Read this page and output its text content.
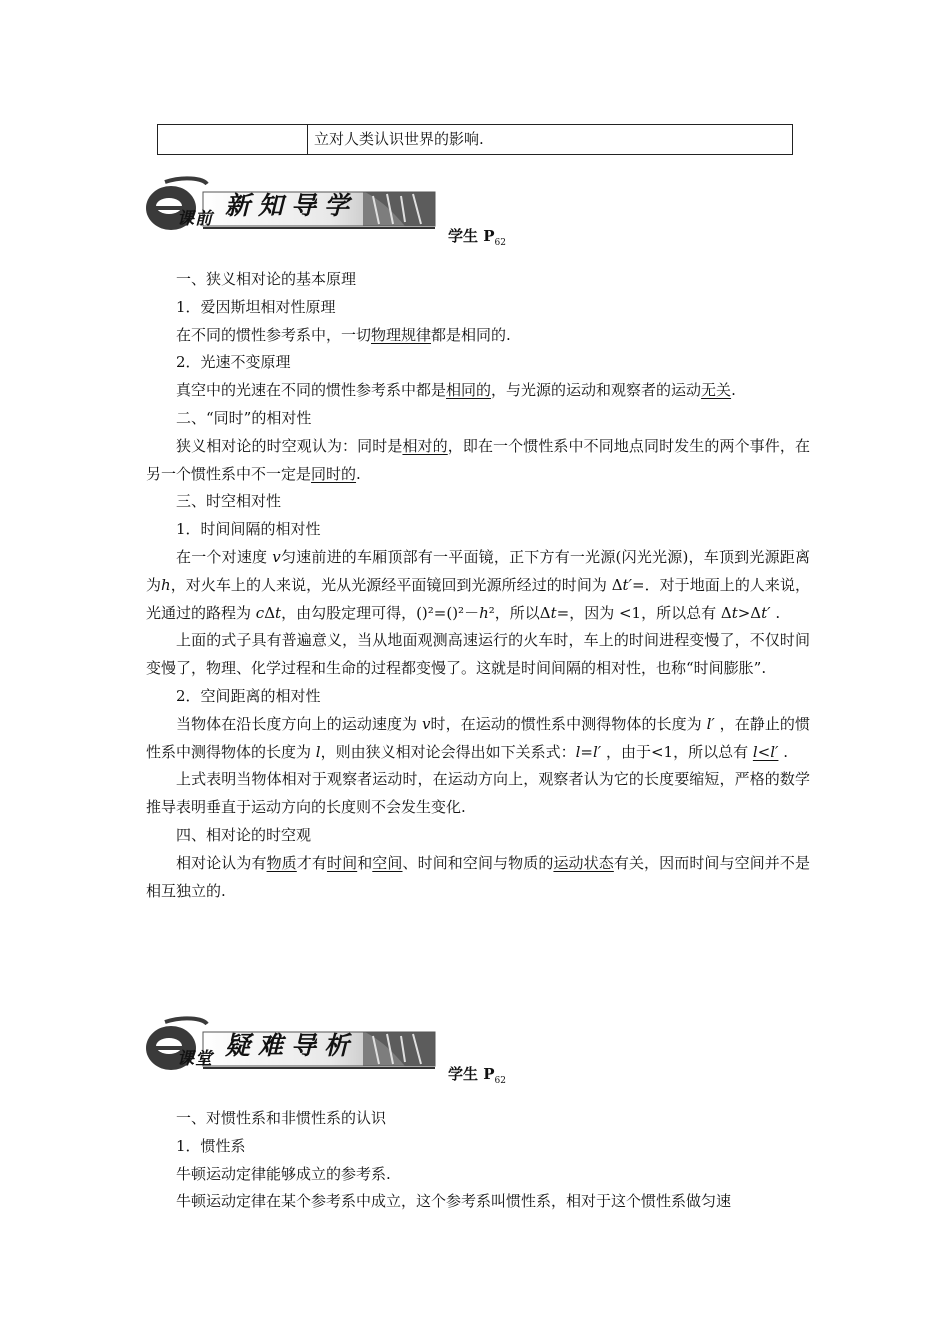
立对人类认识世界的影响.
课前 新知导学
学生 $P_{62}$

一、狭义相对论的基本原理

1．爱因斯坦相对性原理

在不同的惯性参考系中，一切物理规律都是相同的.

2．光速不变原理

真空中的光速在不同的惯性参考系中都是相同的，与光源的运动和观察者的运动无关.

二、“同时”的相对性

狭义相对论的时空观认为：同时是相对的，即在一个惯性系中不同地点同时发生的两个事件，在另一个惯性系中不一定是同时的.

三、时空相对性

1．时间间隔的相对性

在一个对速度 v匀速前进的车厢顶部有一平面镜，正下方有一光源(闪光光源)，车顶到光源距离为h，对火车上的人来说，光从光源经平面镜回到光源所经过的时间为 Δt′=．对于地面上的人来说，光通过的路程为 cΔt，由勾股定理可得，()²=()²－h²，所以Δt=，因为 <1，所以总有 Δt>Δt′ .

上面的式子具有普遍意义，当从地面观测高速运行的火车时，车上的时间进程变慢了，不仅时间变慢了，物理、化学过程和生命的过程都变慢了。这就是时间间隔的相对性，也称“时间膨胀”.

2．空间距离的相对性

当物体在沿长度方向上的运动速度为 v时，在运动的惯性系中测得物体的长度为 l′ ，在静止的惯性系中测得物体的长度为 l，则由狭义相对论会得出如下关系式：l=l′ ，由于<1，所以总有 l<l′ .

上式表明当物体相对于观察者运动时，在运动方向上，观察者认为它的长度要缩短，严格的数学推导表明垂直于运动方向的长度则不会发生变化.

四、相对论的时空观

相对论认为有物质才有时间和空间、时间和空间与物质的运动状态有关，因而时间与空间并不是相互独立的.

课堂 疑难导析
学生 $P_{62}$

一、对惯性系和非惯性系的认识

1．惯性系

牛顿运动定律能够成立的参考系.

牛顿运动定律在某个参考系中成立，这个参考系叫惯性系，相对于这个惯性系做匀速
